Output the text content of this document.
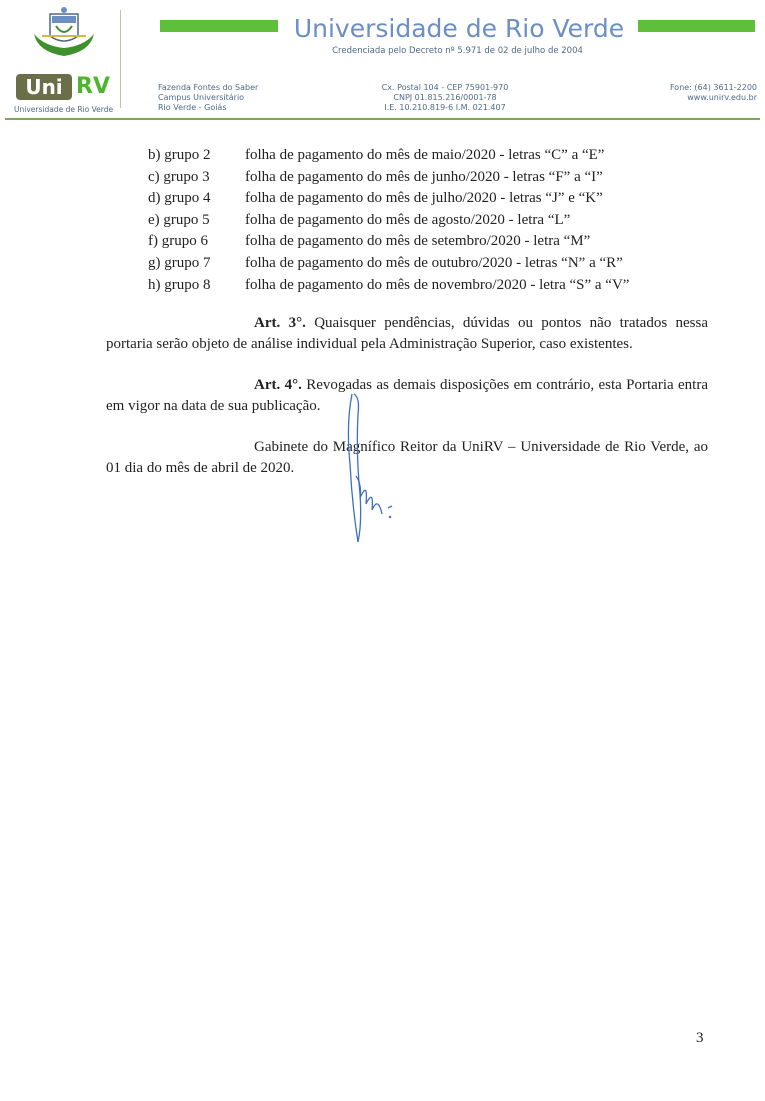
Uni RV
Universidade de Rio Verde
Universidade de Rio Verde
Credenciada pelo Decreto nº 5.971 de 02 de julho de 2004
Fazenda Fontes do Saber
Campus Universitário
Rio Verde - Goiás
Cx. Postal 104 - CEP 75901-970
CNPJ 01.815.216/0001-78
I.E. 10.210.819-6 I.M. 021.407
Fone: (64) 3611-2200
www.unirv.edu.br
b) grupo 2	folha de pagamento do mês de maio/2020 - letras “C” a “E”
c) grupo 3	folha de pagamento do mês de junho/2020 - letras “F” a “I”
d) grupo 4	folha de pagamento do mês de julho/2020 - letras “J” e “K”
e) grupo 5	folha de pagamento do mês de agosto/2020 - letra “L”
f) grupo 6	folha de pagamento do mês de setembro/2020 - letra “M”
g) grupo 7	folha de pagamento do mês de outubro/2020 - letras “N” a “R”
h) grupo 8	folha de pagamento do mês de novembro/2020 - letra “S” a “V”

Art. 3°. Quaisquer pendências, dúvidas ou pontos não tratados nessa portaria serão objeto de análise individual pela Administração Superior, caso existentes.

Art. 4°. Revogadas as demais disposições em contrário, esta Portaria entra em vigor na data de sua publicação.

Gabinete do Magnífico Reitor da UniRV – Universidade de Rio Verde, ao 01 dia do mês de abril de 2020.

3
